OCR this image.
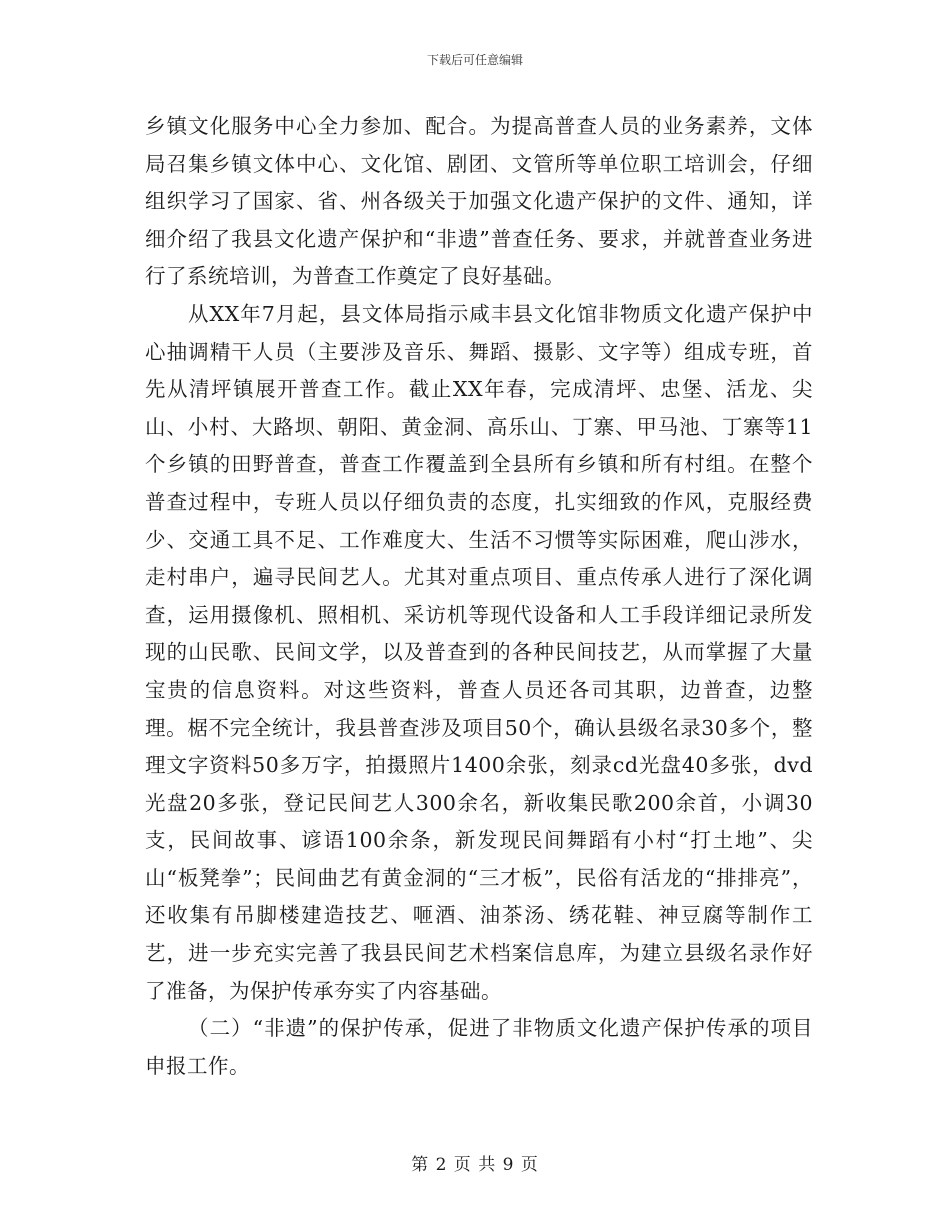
下载后可任意编辑

乡镇文化服务中心全力参加、配合。为提高普查人员的业务素养，文体局召集乡镇文体中心、文化馆、剧团、文管所等单位职工培训会，仔细组织学习了国家、省、州各级关于加强文化遗产保护的文件、通知，详细介绍了我县文化遗产保护和“非遗”普查任务、要求，并就普查业务进行了系统培训，为普查工作奠定了良好基础。

从XX年7月起，县文体局指示咸丰县文化馆非物质文化遗产保护中心抽调精干人员（主要涉及音乐、舞蹈、摄影、文字等）组成专班，首先从清坪镇展开普查工作。截止XX年春，完成清坪、忠堡、活龙、尖山、小村、大路坝、朝阳、黄金洞、高乐山、丁寨、甲马池、丁寨等11个乡镇的田野普查，普查工作覆盖到全县所有乡镇和所有村组。在整个普查过程中，专班人员以仔细负责的态度，扎实细致的作风，克服经费少、交通工具不足、工作难度大、生活不习惯等实际困难，爬山涉水，走村串户，遍寻民间艺人。尤其对重点项目、重点传承人进行了深化调查，运用摄像机、照相机、采访机等现代设备和人工手段详细记录所发现的山民歌、民间文学，以及普查到的各种民间技艺，从而掌握了大量宝贵的信息资料。对这些资料，普查人员还各司其职，边普查，边整理。椐不完全统计，我县普查涉及项目50个，确认县级名录30多个，整理文字资料50多万字，拍摄照片1400余张，刻录cd光盘40多张，dvd光盘20多张，登记民间艺人300余名，新收集民歌200余首，小调30支，民间故事、谚语100余条，新发现民间舞蹈有小村“打土地”、尖山“板凳拳”；民间曲艺有黄金洞的“三才板”，民俗有活龙的“排排亮”，还收集有吊脚楼建造技艺、咂酒、油茶汤、绣花鞋、神豆腐等制作工艺，进一步充实完善了我县民间艺术档案信息库，为建立县级名录作好了准备，为保护传承夯实了内容基础。

（二）“非遗”的保护传承，促进了非物质文化遗产保护传承的项目申报工作。

第 2 页 共 9 页
